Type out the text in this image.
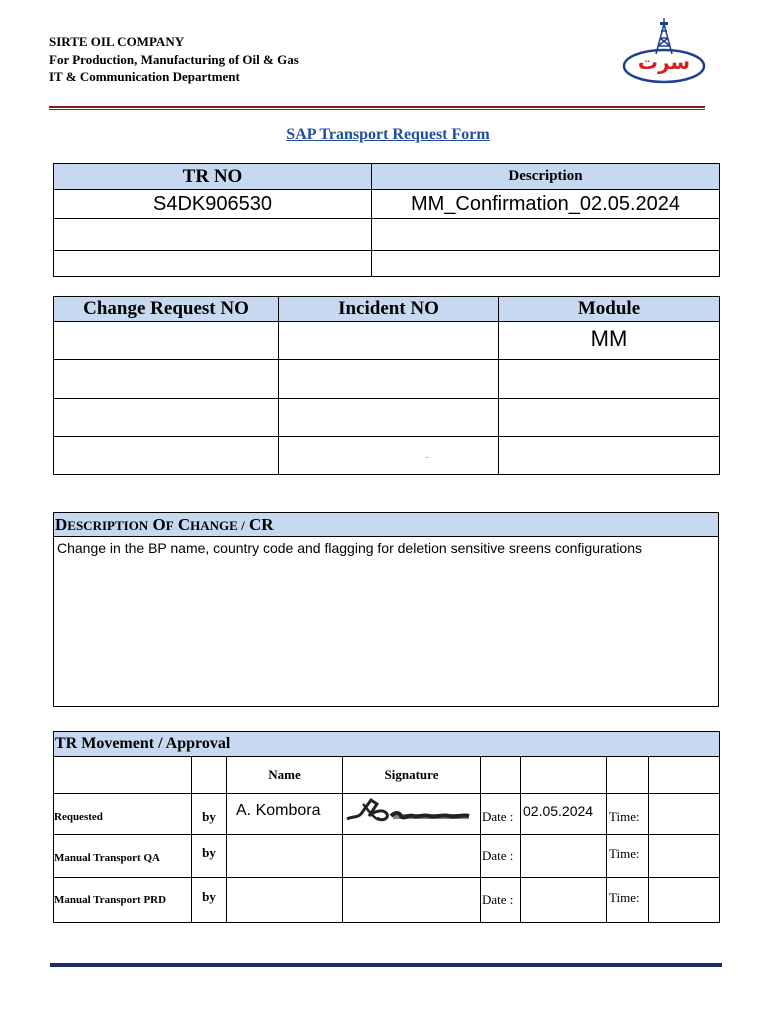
SIRTE OIL COMPANY
For Production, Manufacturing of Oil & Gas
IT & Communication Department
سرت
SAP Transport Request Form
TR NO	Description
S4DK906530	MM_Confirmation_02.05.2024

Change Request NO	Incident NO	Module
		MM

	.	
DESCRIPTION OF CHANGE / CR
Change in the BP name, country code and flagging for deletion sensitive sreens configurations
TR Movement / Approval							
		Name	Signature				
Requested	by	A. Kombora		Date :	02.05.2024	Time:	
Manual Transport QA	by			Date :		Time:	
Manual Transport PRD	by			Date :		Time:	
